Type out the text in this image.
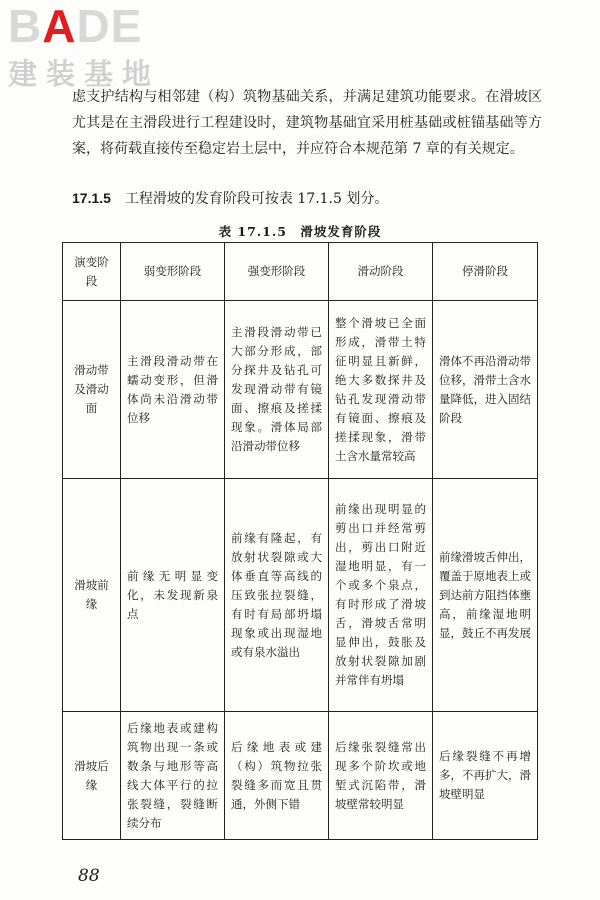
BADE
建装基地
虑支护结构与相邻建（构）筑物基础关系，并满足建筑功能要求。在滑坡区尤其是在主滑段进行工程建设时，建筑物基础宜采用桩基础或桩锚基础等方案，将荷载直接传至稳定岩土层中，并应符合本规范第 7 章的有关规定。
17.1.5 工程滑坡的发育阶段可按表 17.1.5 划分。
表 17.1.5　滑坡发育阶段
演变阶段	弱变形阶段	强变形阶段	滑动阶段	停滑阶段
滑动带及滑动面	主滑段滑动带在蠕动变形，但滑体尚未沿滑动带位移	主滑段滑动带已大部分形成，部分探井及钻孔可发现滑动带有镜面、擦痕及搓揉现象。滑体局部沿滑动带位移	整个滑坡已全面形成，滑带土特征明显且新鲜，绝大多数探井及钻孔发现滑动带有镜面、擦痕及搓揉现象，滑带土含水量常较高	滑体不再沿滑动带位移，滑带土含水量降低，进入固结阶段
滑坡前缘	前缘无明显变化，未发现新泉点	前缘有隆起，有放射状裂隙或大体垂直等高线的压致张拉裂缝，有时有局部坍塌现象或出现湿地或有泉水溢出	前缘出现明显的剪出口并经常剪出，剪出口附近湿地明显，有一个或多个泉点，有时形成了滑坡舌，滑坡舌常明显伸出，鼓胀及放射状裂隙加剧并常伴有坍塌	前缘滑坡舌伸出，覆盖于原地表上或到达前方阻挡体壅高，前缘湿地明显，鼓丘不再发展
滑坡后缘	后缘地表或建构筑物出现一条或数条与地形等高线大体平行的拉张裂缝，裂缝断续分布	后缘地表或建（构）筑物拉张裂缝多而宽且贯通，外侧下错	后缘张裂缝常出现多个阶坎或地堑式沉陷带，滑坡壁常较明显	后缘裂缝不再增多，不再扩大，滑坡壁明显
88
